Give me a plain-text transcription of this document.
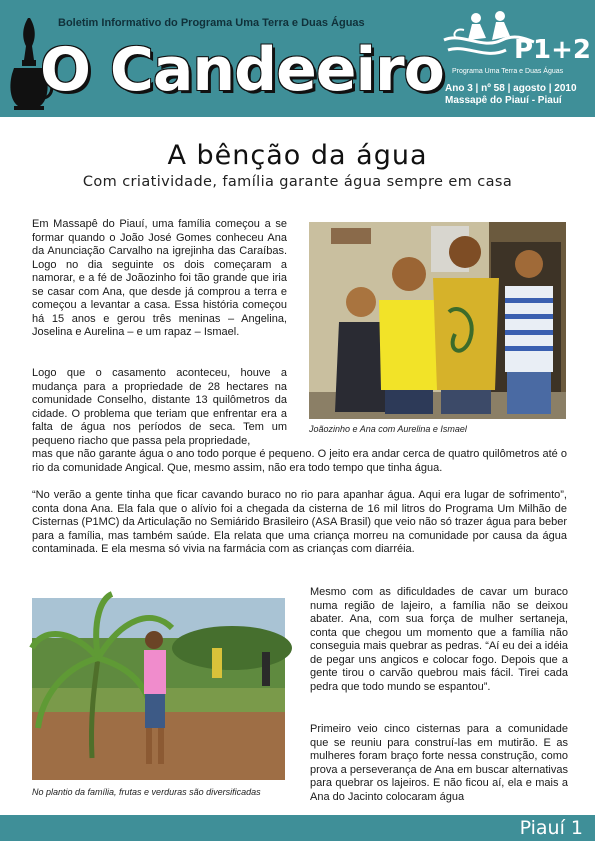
Boletim Informativo do Programa Uma Terra e Duas Águas
O Candeeiro	P1+2
Programa Uma Terra e Duas Águas
Ano 3 | nº 58 | agosto | 2010
Massapê do Piauí - Piauí
A bênção da água
Com criatividade, família garante água sempre em casa

Em Massapê do Piauí, uma família começou a se formar quando o João José Gomes conheceu Ana da Anunciação Carvalho na igrejinha das Caraíbas. Logo no dia seguinte os dois começaram a namorar, e a fé de Joãozinho foi tão grande que iria se casar com Ana, que desde já comprou a terra e começou a levantar a casa. Essa história começou há 15 anos e gerou três meninas – Angelina, Joselina e Aurelina – e um rapaz – Ismael.

Logo que o casamento aconteceu, houve a mudança para a propriedade de 28 hectares na comunidade Conselho, distante 13 quilômetros da cidade. O problema que teriam que enfrentar era a falta de água nos períodos de seca. Tem um pequeno riacho que passa pela propriedade,

mas que não garante água o ano todo porque é pequeno. O jeito era andar cerca de quatro quilômetros até o rio da comunidade Angical. Que, mesmo assim, não era todo tempo que tinha água.

“No verão a gente tinha que ficar cavando buraco no rio para apanhar água. Aqui era lugar de sofrimento”, conta dona Ana. Ela fala que o alívio foi a chegada da cisterna de 16 mil litros do Programa Um Milhão de Cisternas (P1MC) da Articulação no Semiárido Brasileiro (ASA Brasil) que veio não só trazer água para beber para a família, mas também saúde. Ela relata que uma criança morreu na comunidade por causa da água contaminada. E ela mesma só vivia na farmácia com as crianças com diarréia.

Mesmo com as dificuldades de cavar um buraco numa região de lajeiro, a família não se deixou abater. Ana, com sua força de mulher sertaneja, conta que chegou um momento que a família não conseguia mais quebrar as pedras. “Aí eu dei a idéia de pegar uns angicos e colocar fogo. Depois que a gente tirou o carvão quebrou mais fácil. Tirei cada pedra que todo mundo se espantou”.

Primeiro veio cinco cisternas para a comunidade que se reuniu para construí-las em mutirão. E as mulheres foram braço forte nessa construção, como prova a perseverança de Ana em buscar alternativas para quebrar os lajeiros. E não ficou aí, ela e mais a Ana do Jacinto colocaram água

Joãozinho e Ana com Aurelina e Ismael
No plantio da família, frutas e verduras são diversificadas
Piauí 1
